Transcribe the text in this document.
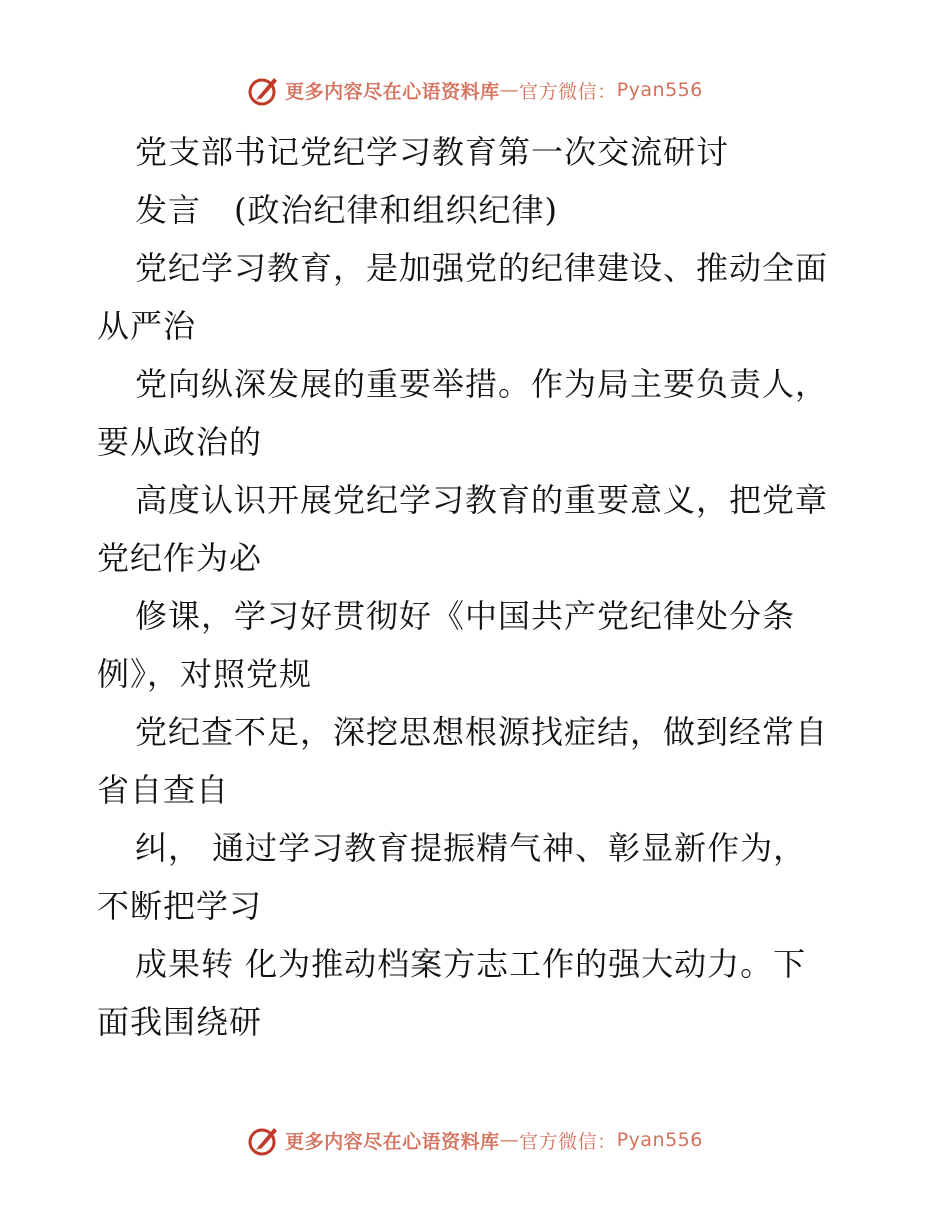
更多内容尽在心语资料库 — 官方微信： Pyan556
党支部书记党纪学习教育第一次交流研讨
发言　(政治纪律和组织纪律)
党纪学习教育，是加强党的纪律建设、推动全面
从严治
党向纵深发展的重要举措。作为局主要负责人，
要从政治的
高度认识开展党纪学习教育的重要意义，把党章
党纪作为必
修课，学习好贯彻好《中国共产党纪律处分条
例》，对照党规
党纪查不足，深挖思想根源找症结，做到经常自
省自查自
纠， 通过学习教育提振精气神、彰显新作为，
不断把学习
成果转 化为推动档案方志工作的强大动力。下
面我围绕研
更多内容尽在心语资料库 — 官方微信： Pyan556
